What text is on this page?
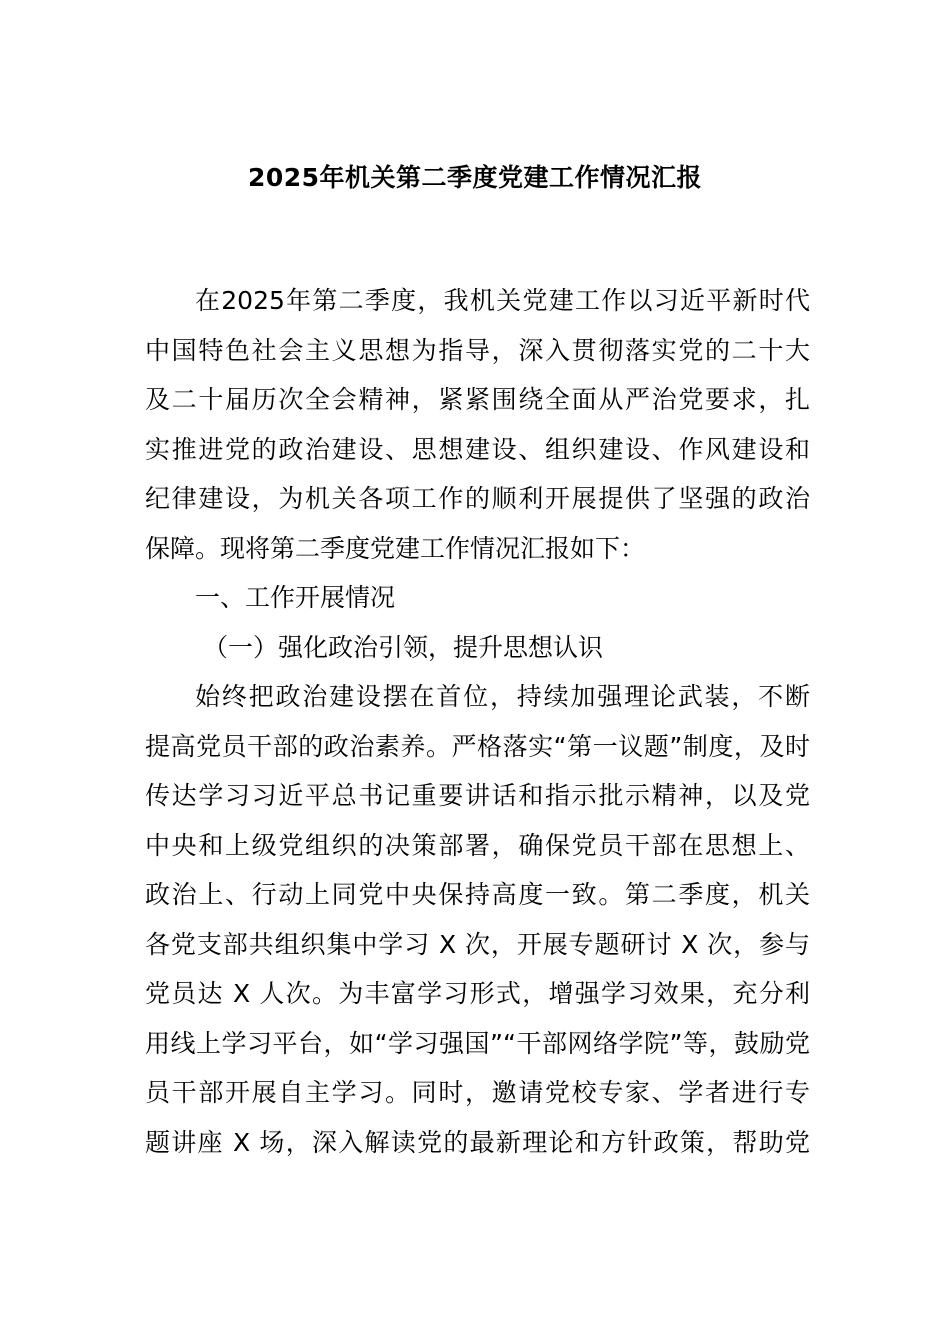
2025年机关第二季度党建工作情况汇报
在2025年第二季度，我机关党建工作以习近平新时代
中国特色社会主义思想为指导，深入贯彻落实党的二十大
及二十届历次全会精神，紧紧围绕全面从严治党要求，扎
实推进党的政治建设、思想建设、组织建设、作风建设和
纪律建设，为机关各项工作的顺利开展提供了坚强的政治
保障。现将第二季度党建工作情况汇报如下：
一、工作开展情况
（一）强化政治引领，提升思想认识
始终把政治建设摆在首位，持续加强理论武装，不断
提高党员干部的政治素养。严格落实“第一议题”制度，及时
传达学习习近平总书记重要讲话和指示批示精神，以及党
中央和上级党组织的决策部署，确保党员干部在思想上、
政治上、行动上同党中央保持高度一致。第二季度，机关
各党支部共组织集中学习 X 次，开展专题研讨 X 次，参与
党员达 X 人次。为丰富学习形式，增强学习效果，充分利
用线上学习平台，如“学习强国”“干部网络学院”等，鼓励党
员干部开展自主学习。同时，邀请党校专家、学者进行专
题讲座 X 场，深入解读党的最新理论和方针政策，帮助党
